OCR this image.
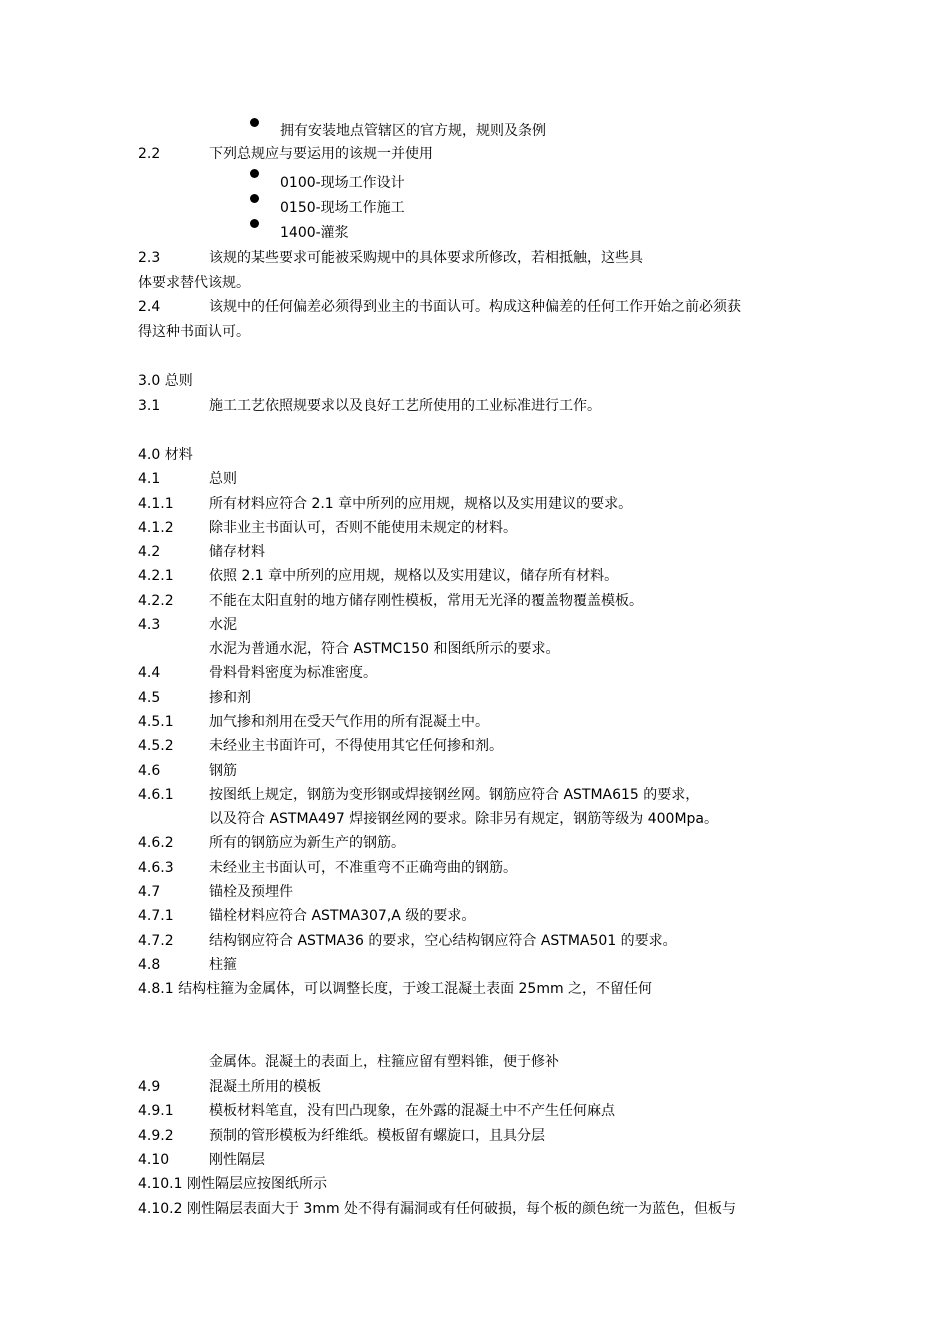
拥有安装地点管辖区的官方规，规则及条例
2.2	下列总规应与要运用的该规一并使用
0100-现场工作设计
0150-现场工作施工
1400-灌浆
2.3	该规的某些要求可能被采购规中的具体要求所修改，若相抵触，这些具
体要求替代该规。
2.4	该规中的任何偏差必须得到业主的书面认可。构成这种偏差的任何工作开始之前必须获
得这种书面认可。
3.0 总则
3.1	施工工艺依照规要求以及良好工艺所使用的工业标准进行工作。
4.0 材料
4.1	总则
4.1.1	所有材料应符合 2.1 章中所列的应用规，规格以及实用建议的要求。
4.1.2	除非业主书面认可，否则不能使用未规定的材料。
4.2	储存材料
4.2.1	依照 2.1 章中所列的应用规，规格以及实用建议，储存所有材料。
4.2.2	不能在太阳直射的地方储存刚性模板，常用无光泽的覆盖物覆盖模板。
4.3	水泥
水泥为普通水泥，符合 ASTMC150 和图纸所示的要求。
4.4	骨料骨料密度为标准密度。
4.5	掺和剂
4.5.1	加气掺和剂用在受天气作用的所有混凝土中。
4.5.2	未经业主书面许可，不得使用其它任何掺和剂。
4.6	钢筋
4.6.1	按图纸上规定，钢筋为变形钢或焊接钢丝网。钢筋应符合 ASTMA615 的要求，
以及符合 ASTMA497 焊接钢丝网的要求。除非另有规定，钢筋等级为 400Mpa。
4.6.2	所有的钢筋应为新生产的钢筋。
4.6.3	未经业主书面认可，不准重弯不正确弯曲的钢筋。
4.7	锚栓及预埋件
4.7.1	锚栓材料应符合 ASTMA307,A 级的要求。
4.7.2	结构钢应符合 ASTMA36 的要求，空心结构钢应符合 ASTMA501 的要求。
4.8	柱箍
4.8.1 结构柱箍为金属体，可以调整长度，于竣工混凝土表面 25mm 之，不留任何
金属体。混凝土的表面上，柱箍应留有塑料锥，便于修补
4.9	混凝土所用的模板
4.9.1	模板材料笔直，没有凹凸现象，在外露的混凝土中不产生任何麻点
4.9.2	预制的管形模板为纤维纸。模板留有螺旋口，且具分层
4.10	刚性隔层
4.10.1 刚性隔层应按图纸所示
4.10.2 刚性隔层表面大于 3mm 处不得有漏洞或有任何破损，每个板的颜色统一为蓝色，但板与
